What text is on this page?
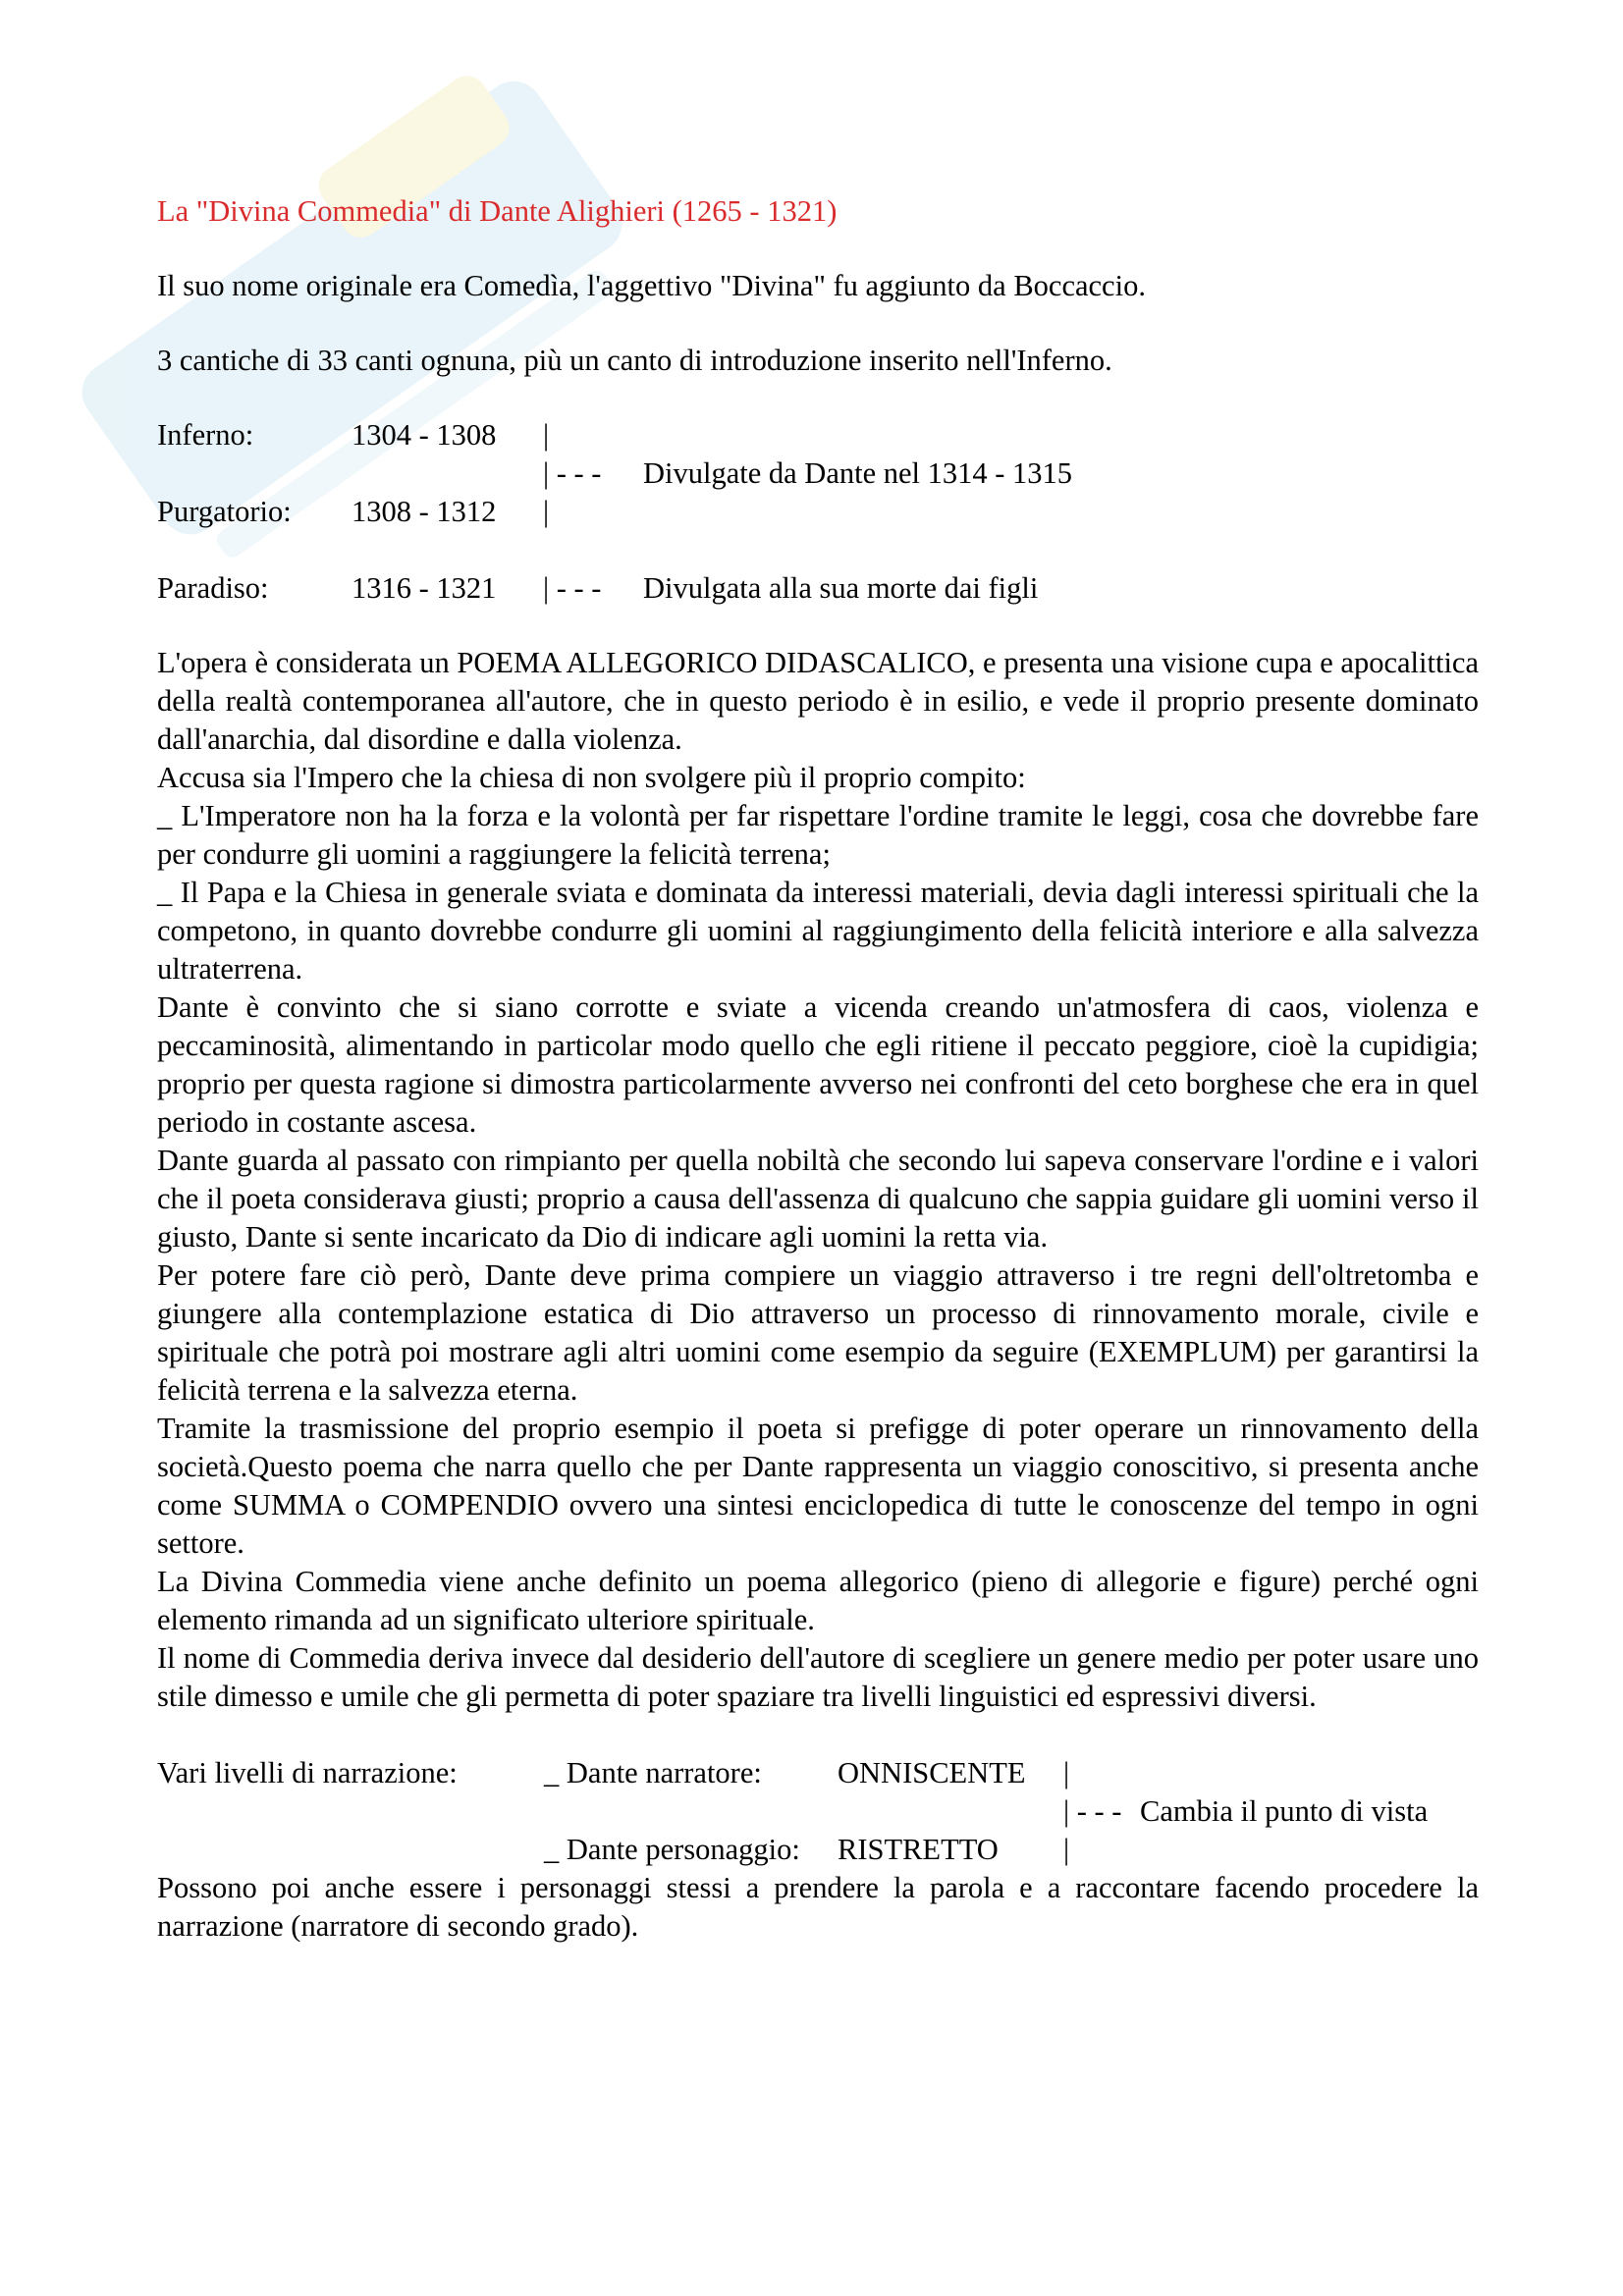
La "Divina Commedia" di Dante Alighieri (1265 - 1321)
Il suo nome originale era Comedìa, l'aggettivo "Divina" fu aggiunto da Boccaccio.
3 cantiche di 33 canti ognuna, più un canto di introduzione inserito nell'Inferno.
Inferno:	1304 - 1308 |
| - - - Divulgate da Dante nel 1314 - 1315
Purgatorio: 1308 - 1312 |
Paradiso:	1316 - 1321 | - - - Divulgata alla sua morte dai figli

L'opera è considerata un POEMA ALLEGORICO DIDASCALICO, e presenta una visione cupa e apocalittica della realtà contemporanea all'autore, che in questo periodo è in esilio, e vede il proprio presente dominato dall'anarchia, dal disordine e dalla violenza.

Accusa sia l'Impero che la chiesa di non svolgere più il proprio compito:

_ L'Imperatore non ha la forza e la volontà per far rispettare l'ordine tramite le leggi, cosa che dovrebbe fare per condurre gli uomini a raggiungere la felicità terrena;

_ Il Papa e la Chiesa in generale sviata e dominata da interessi materiali, devia dagli interessi spirituali che la competono, in quanto dovrebbe condurre gli uomini al raggiungimento della felicità interiore e alla salvezza ultraterrena.

Dante è convinto che si siano corrotte e sviate a vicenda creando un'atmosfera di caos, violenza e peccaminosità, alimentando in particolar modo quello che egli ritiene il peccato peggiore, cioè la cupidigia; proprio per questa ragione si dimostra particolarmente avverso nei confronti del ceto borghese che era in quel periodo in costante ascesa.

Dante guarda al passato con rimpianto per quella nobiltà che secondo lui sapeva conservare l'ordine e i valori che il poeta considerava giusti; proprio a causa dell'assenza di qualcuno che sappia guidare gli uomini verso il giusto, Dante si sente incaricato da Dio di indicare agli uomini la retta via.

Per potere fare ciò però, Dante deve prima compiere un viaggio attraverso i tre regni dell'oltretomba e giungere alla contemplazione estatica di Dio attraverso un processo di rinnovamento morale, civile e spirituale che potrà poi mostrare agli altri uomini come esempio da seguire (EXEMPLUM) per garantirsi la felicità terrena e la salvezza eterna.

Tramite la trasmissione del proprio esempio il poeta si prefigge di poter operare un rinnovamento della società.Questo poema che narra quello che per Dante rappresenta un viaggio conoscitivo, si presenta anche come SUMMA o COMPENDIO ovvero una sintesi enciclopedica di tutte le conoscenze del tempo in ogni settore.

La Divina Commedia viene anche definito un poema allegorico (pieno di allegorie e figure) perché ogni elemento rimanda ad un significato ulteriore spirituale.

Il nome di Commedia deriva invece dal desiderio dell'autore di scegliere un genere medio per poter usare uno stile dimesso e umile che gli permetta di poter spaziare tra livelli linguistici ed espressivi diversi.

Vari livelli di narrazione:	_ Dante narratore:	ONNISCENTE |
| - - - Cambia il punto di vista
_ Dante personaggio: RISTRETTO |

Possono poi anche essere i personaggi stessi a prendere la parola e a raccontare facendo procedere la narrazione (narratore di secondo grado).
